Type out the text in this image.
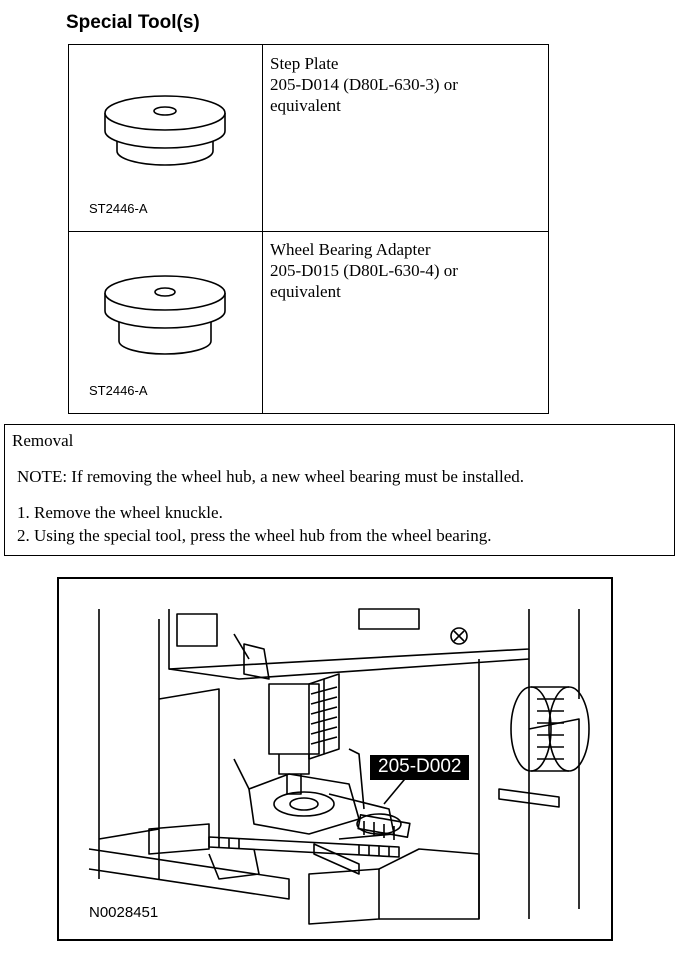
Special Tool(s)
ST2446-A
Step Plate
205-D014 (D80L-630-3) or
equivalent
ST2446-A
Wheel Bearing Adapter
205-D015 (D80L-630-4) or
equivalent
Removal
NOTE: If removing the wheel hub, a new wheel bearing must be installed.
1. Remove the wheel knuckle.
2. Using the special tool, press the wheel hub from the wheel bearing.
205-D002
N0028451
